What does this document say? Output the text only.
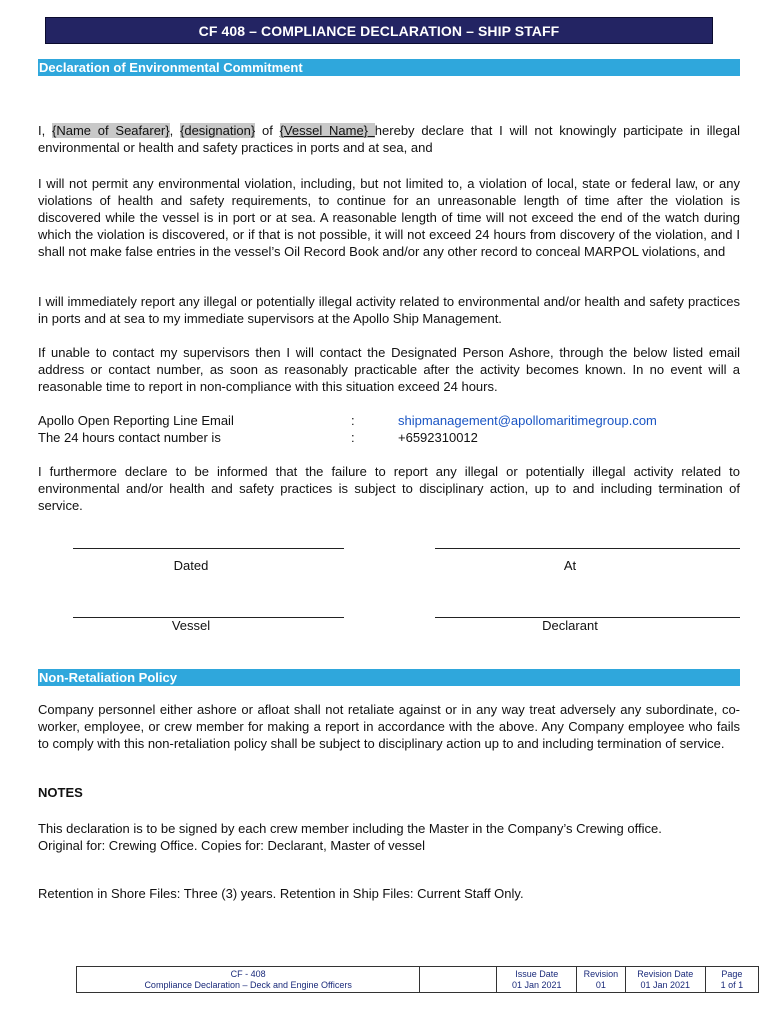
CF 408 – COMPLIANCE DECLARATION – SHIP STAFF
Declaration of Environmental Commitment

I, {Name of Seafarer}, {designation} of {Vessel Name} hereby declare that I will not knowingly participate in illegal environmental or health and safety practices in ports and at sea, and

I will not permit any environmental violation, including, but not limited to, a violation of local, state or federal law, or any violations of health and safety requirements, to continue for an unreasonable length of time after the violation is discovered while the vessel is in port or at sea. A reasonable length of time will not exceed the end of the watch during which the violation is discovered, or if that is not possible, it will not exceed 24 hours from discovery of the violation, and I shall not make false entries in the vessel’s Oil Record Book and/or any other record to conceal MARPOL violations, and

I will immediately report any illegal or potentially illegal activity related to environmental and/or health and safety practices in ports and at sea to my immediate supervisors at the Apollo Ship Management.

If unable to contact my supervisors then I will contact the Designated Person Ashore, through the below listed email address or contact number, as soon as reasonably practicable after the activity becomes known. In no event will a reasonable time to report in non-compliance with this situation exceed 24 hours.

Apollo Open Reporting Line Email	:	shipmanagement@apollomaritimegroup.com
The 24 hours contact number is	:	+6592310012

I furthermore declare to be informed that the failure to report any illegal or potentially illegal activity related to environmental and/or health and safety practices is subject to disciplinary action, up to and including termination of service.

Dated	At
Vessel	Declarant
Non-Retaliation Policy

Company personnel either ashore or afloat shall not retaliate against or in any way treat adversely any subordinate, co-worker, employee, or crew member for making a report in accordance with the above. Any Company employee who fails to comply with this non-retaliation policy shall be subject to disciplinary action up to and including termination of service.

NOTES

This declaration is to be signed by each crew member including the Master in the Company’s Crewing office.

Original for: Crewing Office. Copies for: Declarant, Master of vessel

Retention in Shore Files: Three (3) years. Retention in Ship Files: Current Staff Only.

CF - 408
Compliance Declaration – Deck and Engine Officers

Issue Date
01 Jan 2021

Revision
01

Revision Date
01 Jan 2021

Page
1 of 1
